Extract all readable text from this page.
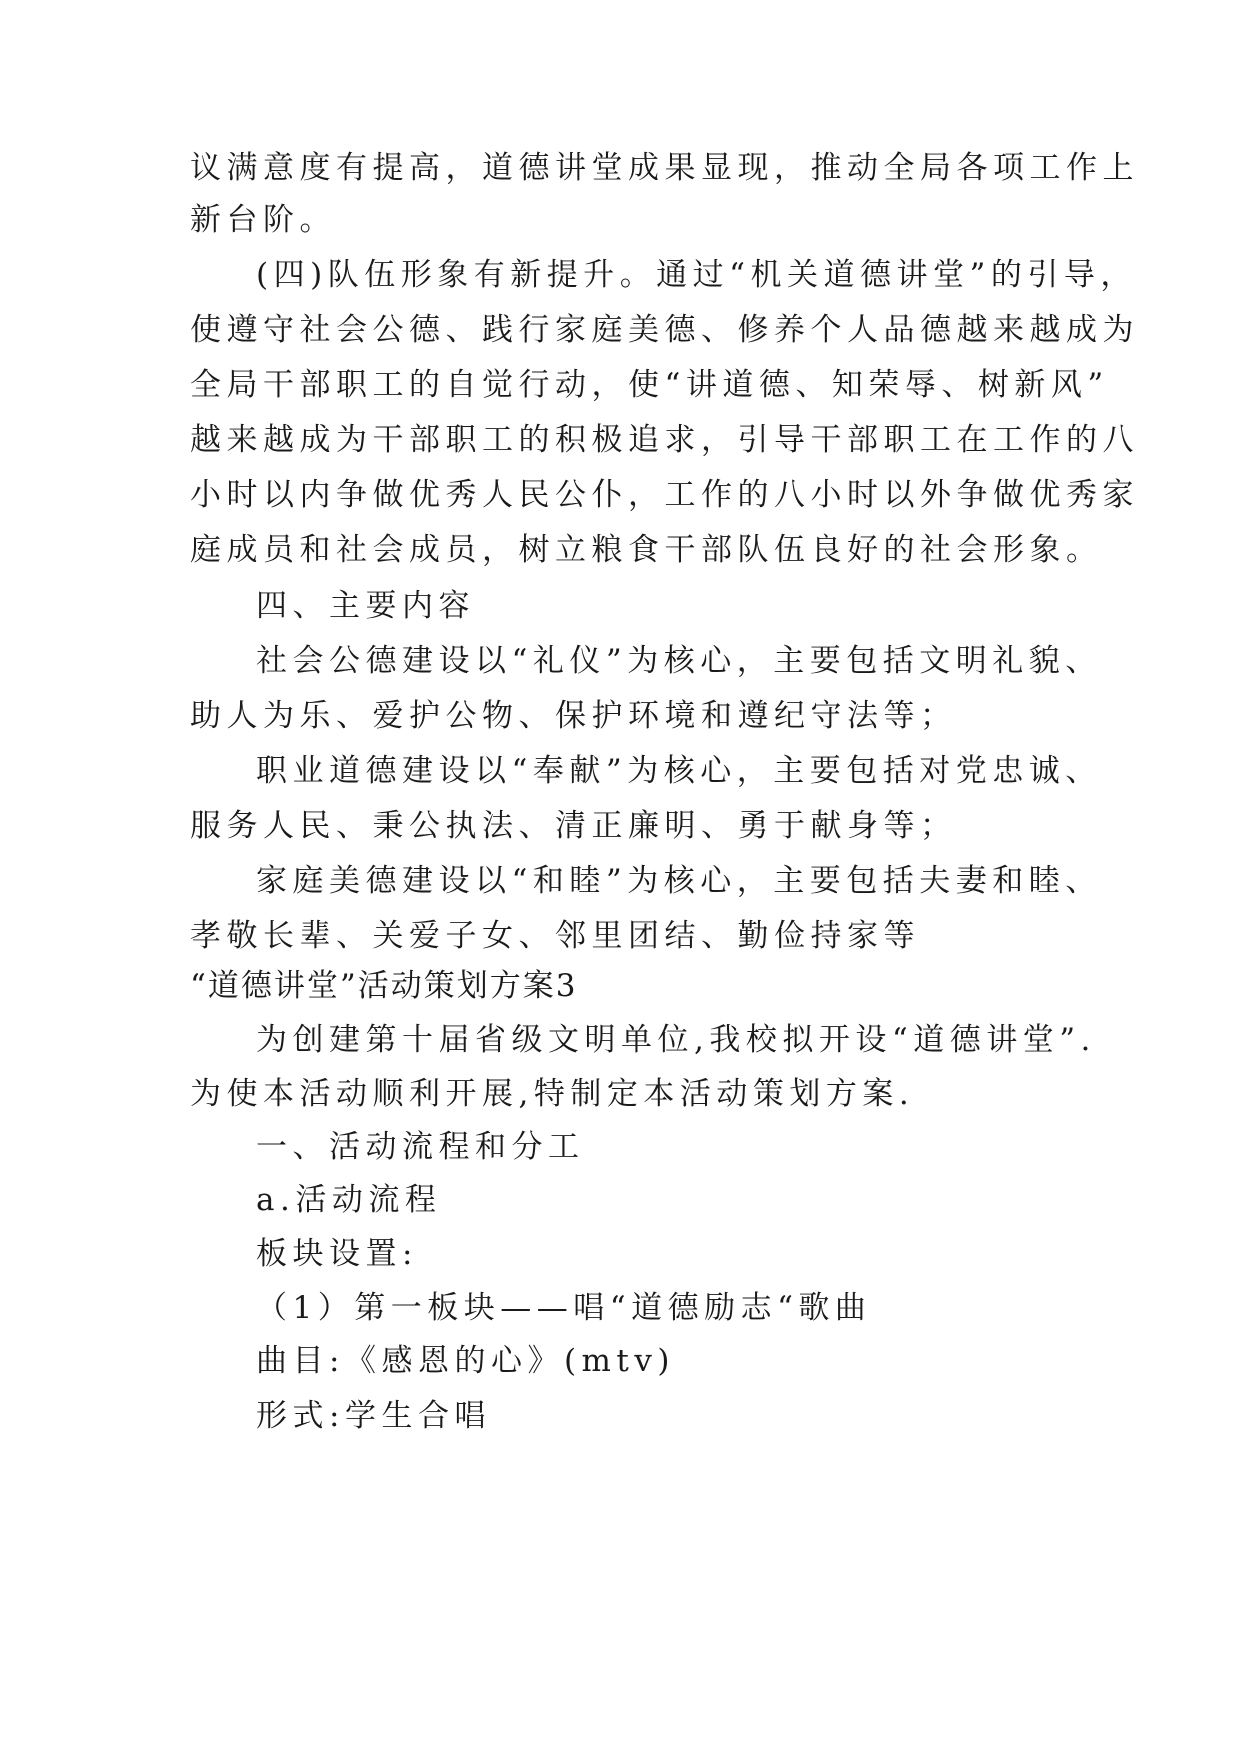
议满意度有提高，道德讲堂成果显现，推动全局各项工作上
新台阶。
(四)队伍形象有新提升。通过“机关道德讲堂”的引导，
使遵守社会公德、践行家庭美德、修养个人品德越来越成为
全局干部职工的自觉行动，使“讲道德、知荣辱、树新风”
越来越成为干部职工的积极追求，引导干部职工在工作的八
小时以内争做优秀人民公仆，工作的八小时以外争做优秀家
庭成员和社会成员，树立粮食干部队伍良好的社会形象。
四、主要内容
社会公德建设以“礼仪”为核心，主要包括文明礼貌、
助人为乐、爱护公物、保护环境和遵纪守法等；
职业道德建设以“奉献”为核心，主要包括对党忠诚、
服务人民、秉公执法、清正廉明、勇于献身等；
家庭美德建设以“和睦”为核心，主要包括夫妻和睦、
孝敬长辈、关爱子女、邻里团结、勤俭持家等
“道德讲堂”活动策划方案3
为创建第十届省级文明单位,我校拟开设“道德讲堂”.
为使本活动顺利开展,特制定本活动策划方案.
一、活动流程和分工
a.活动流程
板块设置:
（1）第一板块——唱“道德励志“歌曲
曲目:《感恩的心》(mtv)
形式:学生合唱
